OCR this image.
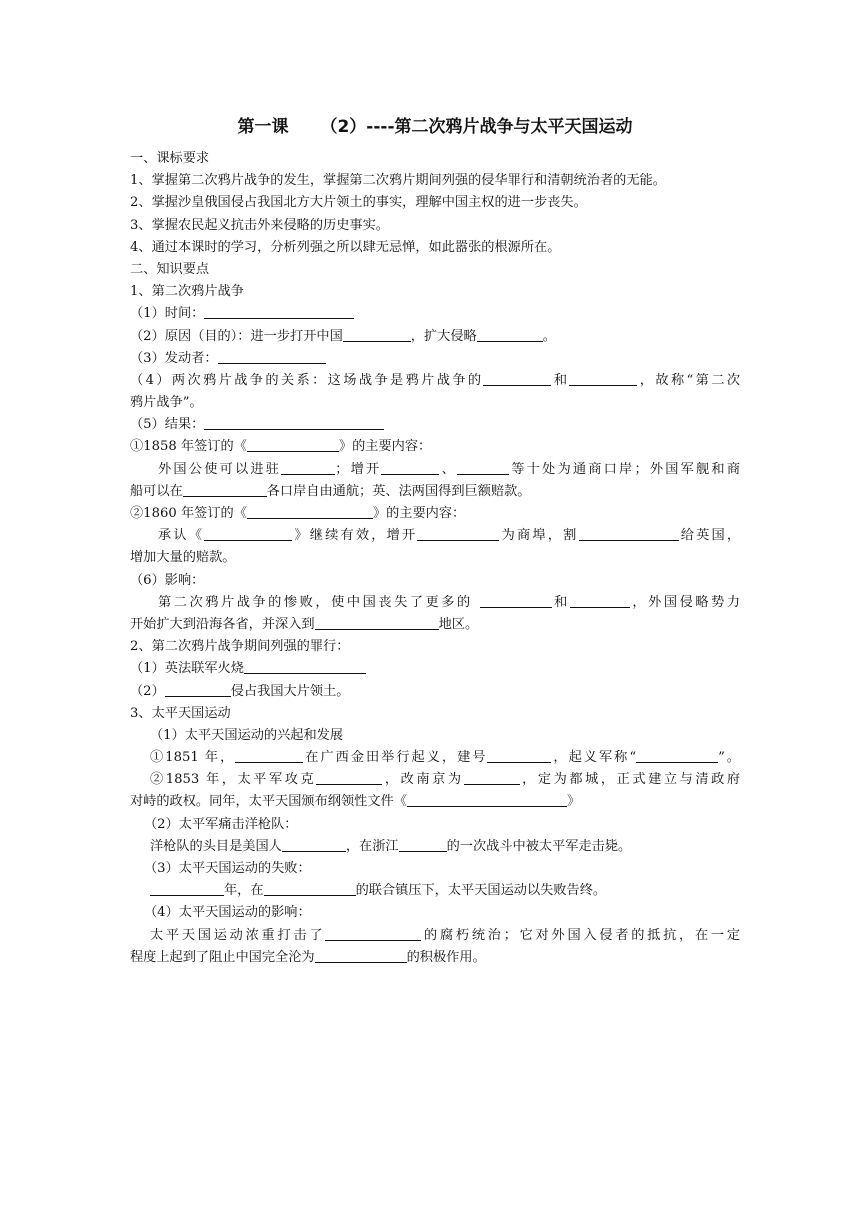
第一课 （2）----第二次鸦片战争与太平天国运动
一、课标要求
1、掌握第二次鸦片战争的发生，掌握第二次鸦片期间列强的侵华罪行和清朝统治者的无能。
2、掌握沙皇俄国侵占我国北方大片领土的事实，理解中国主权的进一步丧失。
3、掌握农民起义抗击外来侵略的历史事实。
4、通过本课时的学习，分析列强之所以肆无忌惮，如此嚣张的根源所在。
二、知识要点
1、第二次鸦片战争
（1）时间：
（2）原因（目的）：进一步打开中国	，扩大侵略	。
（3）发动者：
（4）两次鸦片战争的关系：这场战争是鸦片战争的	和	，故称“第二次
鸦片战争”。
（5）结果：
①1858 年签订的《	》的主要内容：
外国公使可以进驻	；增开	、	等十处为通商口岸；外国军舰和商
船可以在	各口岸自由通航；英、法两国得到巨额赔款。
②1860 年签订的《	》的主要内容：
承认《	》继续有效，增开	为商埠，割	给英国，
增加大量的赔款。
（6）影响：
第二次鸦片战争的惨败，使中国丧失了更多的	和	，外国侵略势力
开始扩大到沿海各省，并深入到	地区。
2、第二次鸦片战争期间列强的罪行：
（1）英法联军火烧
（2）	侵占我国大片领土。
3、太平天国运动
（1）太平天国运动的兴起和发展
①1851 年，	在广西金田举行起义，建号	，起义军称“	”。
②1853 年，太平军攻克	，改南京为	，定为都城，正式建立与清政府
对峙的政权。同年，太平天国颁布纲领性文件《	》
（2）太平军痛击洋枪队：
洋枪队的头目是美国人	，在浙江	的一次战斗中被太平军走击毙。
（3）太平天国运动的失败：
年，在	的联合镇压下，太平天国运动以失败告终。
（4）太平天国运动的影响：
太平天国运动浓重打击了	的腐朽统治；它对外国入侵者的抵抗，在一定
程度上起到了阻止中国完全沦为	的积极作用。
